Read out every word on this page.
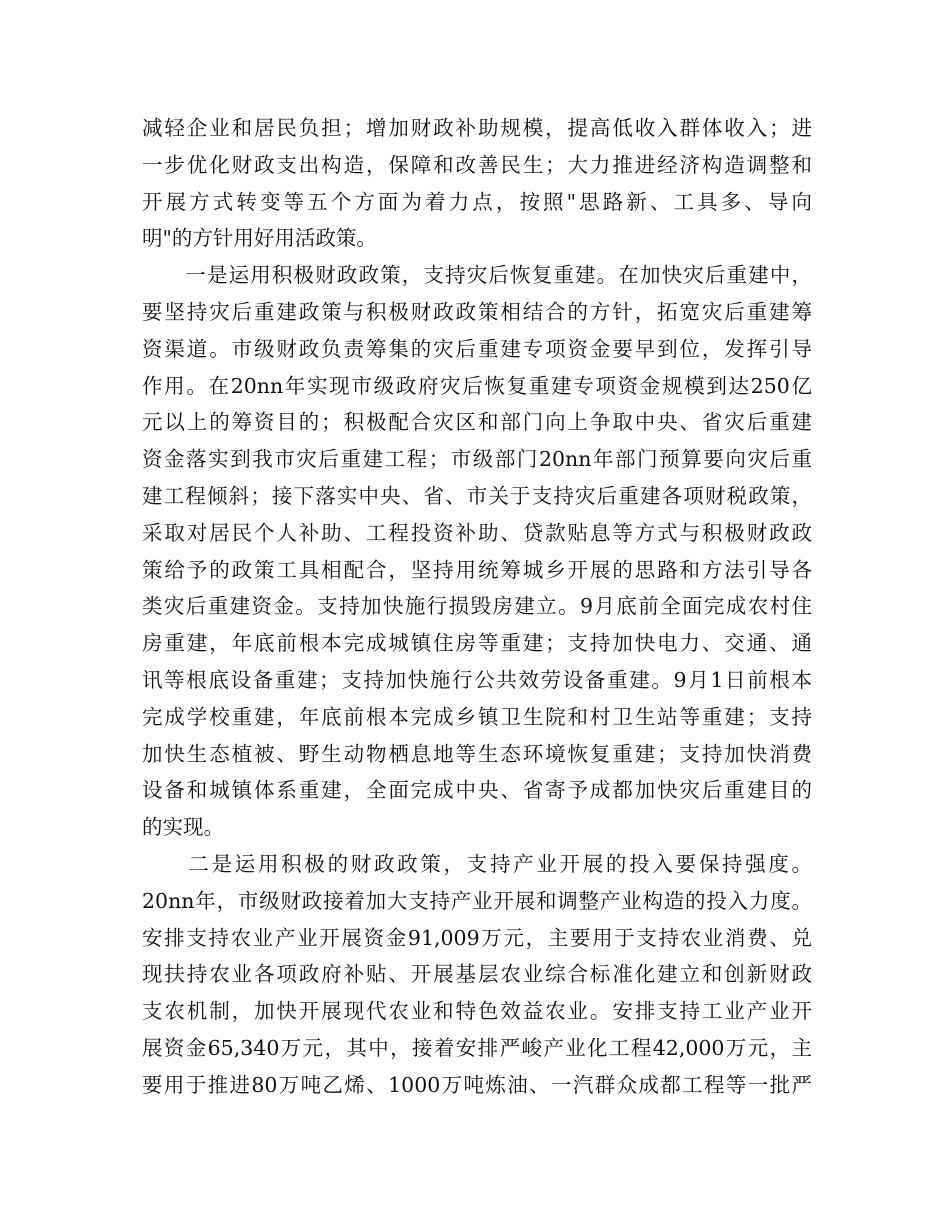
减轻企业和居民负担；增加财政补助规模，提高低收入群体收入；进
一步优化财政支出构造，保障和改善民生；大力推进经济构造调整和
开展方式转变等五个方面为着力点，按照"思路新、工具多、导向
明"的方针用好用活政策。
　　一是运用积极财政政策，支持灾后恢复重建。在加快灾后重建中，
要坚持灾后重建政策与积极财政政策相结合的方针，拓宽灾后重建筹
资渠道。市级财政负责筹集的灾后重建专项资金要早到位，发挥引导
作用。在20nn年实现市级政府灾后恢复重建专项资金规模到达250亿
元以上的筹资目的；积极配合灾区和部门向上争取中央、省灾后重建
资金落实到我市灾后重建工程；市级部门20nn年部门预算要向灾后重
建工程倾斜；接下落实中央、省、市关于支持灾后重建各项财税政策，
采取对居民个人补助、工程投资补助、贷款贴息等方式与积极财政政
策给予的政策工具相配合，坚持用统筹城乡开展的思路和方法引导各
类灾后重建资金。支持加快施行损毁房建立。9月底前全面完成农村住
房重建，年底前根本完成城镇住房等重建；支持加快电力、交通、通
讯等根底设备重建；支持加快施行公共效劳设备重建。9月1日前根本
完成学校重建，年底前根本完成乡镇卫生院和村卫生站等重建；支持
加快生态植被、野生动物栖息地等生态环境恢复重建；支持加快消费
设备和城镇体系重建，全面完成中央、省寄予成都加快灾后重建目的
的实现。
　　二是运用积极的财政政策，支持产业开展的投入要保持强度。
20nn年，市级财政接着加大支持产业开展和调整产业构造的投入力度。
安排支持农业产业开展资金91,009万元，主要用于支持农业消费、兑
现扶持农业各项政府补贴、开展基层农业综合标准化建立和创新财政
支农机制，加快开展现代农业和特色效益农业。安排支持工业产业开
展资金65,340万元，其中，接着安排严峻产业化工程42,000万元，主
要用于推进80万吨乙烯、1000万吨炼油、一汽群众成都工程等一批严
